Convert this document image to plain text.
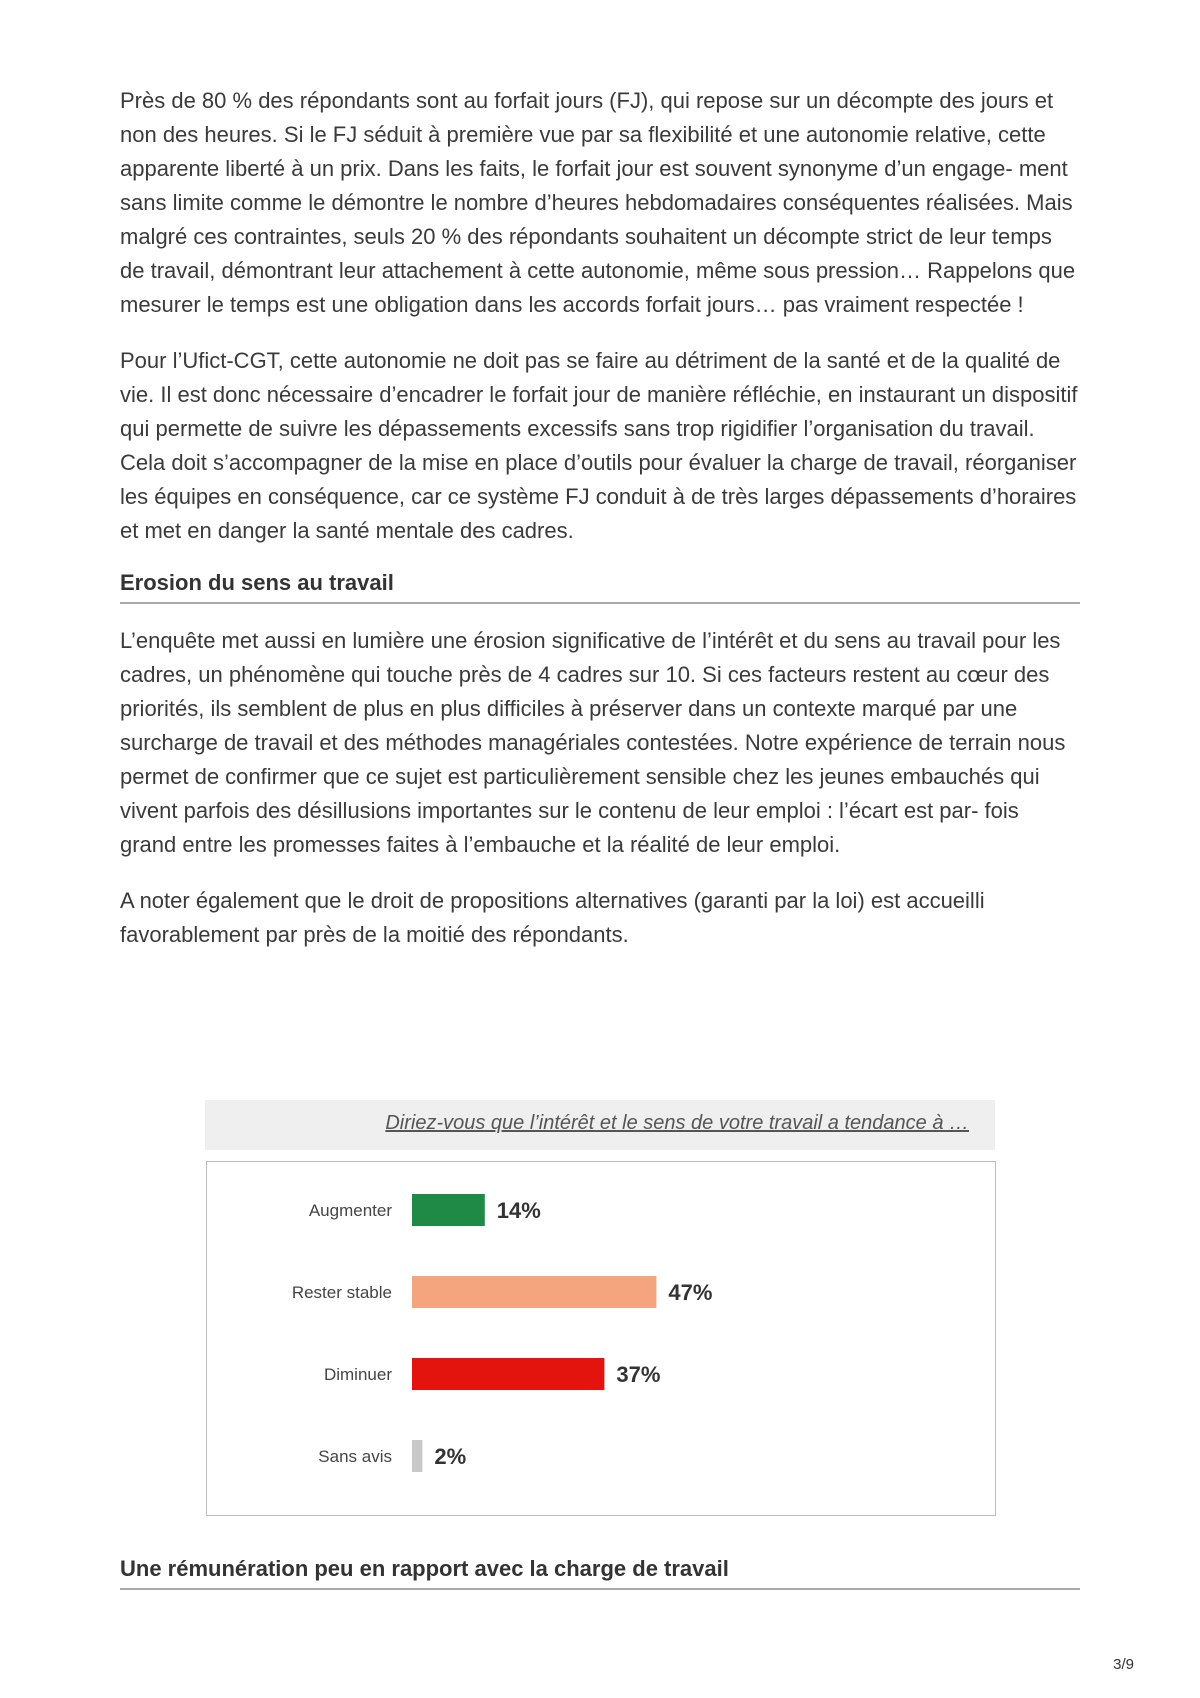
Près de 80 % des répondants sont au forfait jours (FJ), qui repose sur un décompte des jours et non des heures. Si le FJ séduit à première vue par sa flexibilité et une autonomie relative, cette apparente liberté à un prix. Dans les faits, le forfait jour est souvent synonyme d’un engage- ment sans limite comme le démontre le nombre d’heures hebdomadaires conséquentes réalisées. Mais malgré ces contraintes, seuls 20 % des répondants souhaitent un décompte strict de leur temps de travail, démontrant leur attachement à cette autonomie, même sous pression… Rappelons que mesurer le temps est une obligation dans les accords forfait jours… pas vraiment respectée !

Pour l’Ufict-CGT, cette autonomie ne doit pas se faire au détriment de la santé et de la qualité de vie. Il est donc nécessaire d’encadrer le forfait jour de manière réfléchie, en instaurant un dispositif qui permette de suivre les dépassements excessifs sans trop rigidifier l’organisation du travail. Cela doit s’accompagner de la mise en place d’outils pour évaluer la charge de travail, réorganiser les équipes en conséquence, car ce système FJ conduit à de très larges dépassements d’horaires et met en danger la santé mentale des cadres.

Erosion du sens au travail

L’enquête met aussi en lumière une érosion significative de l’intérêt et du sens au travail pour les cadres, un phénomène qui touche près de 4 cadres sur 10. Si ces facteurs restent au cœur des priorités, ils semblent de plus en plus difficiles à préserver dans un contexte marqué par une surcharge de travail et des méthodes managériales contestées. Notre expérience de terrain nous permet de confirmer que ce sujet est particulièrement sensible chez les jeunes embauchés qui vivent parfois des désillusions importantes sur le contenu de leur emploi : l’écart est par- fois grand entre les promesses faites à l’embauche et la réalité de leur emploi.

A noter également que le droit de propositions alternatives (garanti par la loi) est accueilli favorablement par près de la moitié des répondants.

Diriez-vous que l’intérêt et le sens de votre travail a tendance à …
Augmenter	14%
Rester stable	47%
Diminuer	37%
Sans avis 2%
Une rémunération peu en rapport avec la charge de travail
3/9
